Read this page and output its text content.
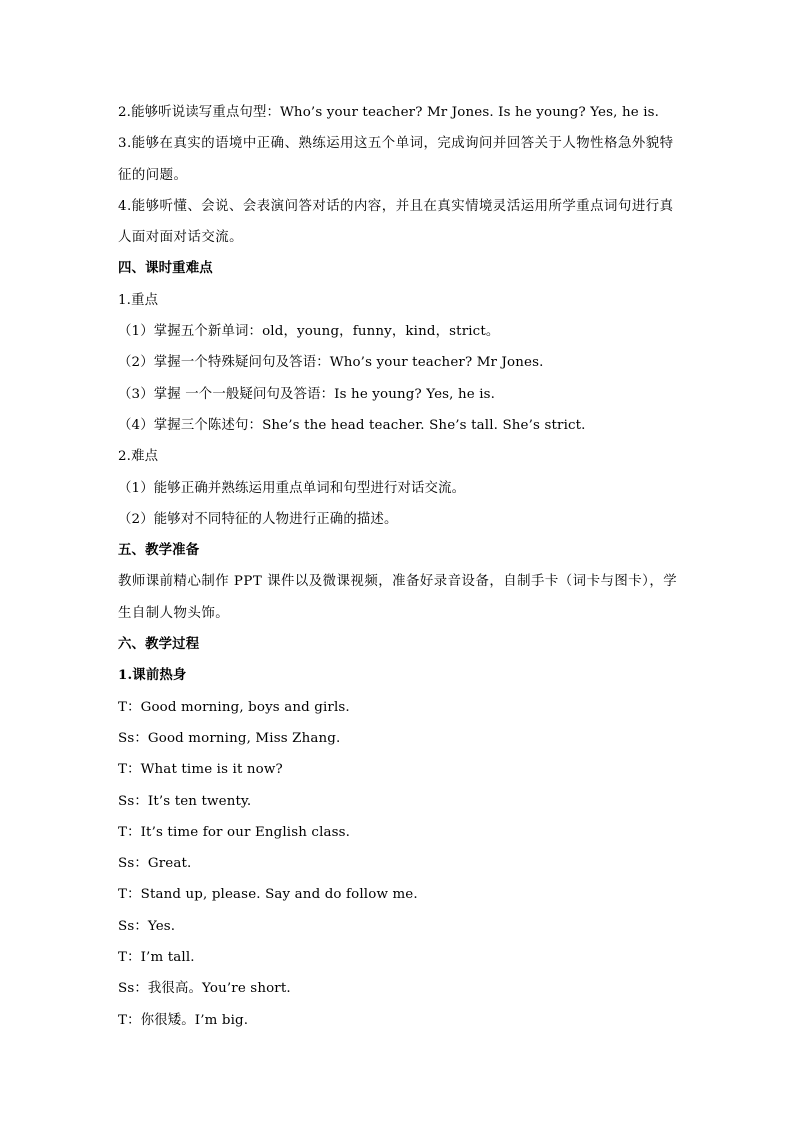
2.能够听说读写重点句型：Who’s your teacher? Mr Jones. Is he young? Yes, he is.
3.能够在真实的语境中正确、熟练运用这五个单词，完成询问并回答关于人物性格急外貌特征的问题。
4.能够听懂、会说、会表演问答对话的内容，并且在真实情境灵活运用所学重点词句进行真人面对面对话交流。
四、课时重难点
1.重点
（1）掌握五个新单词：old，young，funny，kind，strict。
（2）掌握一个特殊疑问句及答语：Who’s your teacher? Mr Jones.
（3）掌握 一个一般疑问句及答语：Is he young? Yes, he is.
（4）掌握三个陈述句：She’s the head teacher. She’s tall. She’s strict.
2.难点
（1）能够正确并熟练运用重点单词和句型进行对话交流。
（2）能够对不同特征的人物进行正确的描述。
五、教学准备
教师课前精心制作 PPT 课件以及微课视频，准备好录音设备，自制手卡（词卡与图卡），学生自制人物头饰。
六、教学过程
1.课前热身
T：Good morning, boys and girls.
Ss：Good morning, Miss Zhang.
T：What time is it now?
Ss：It’s ten twenty.
T：It’s time for our English class.
Ss：Great.
T：Stand up, please. Say and do follow me.
Ss：Yes.
T：I’m tall.
Ss：我很高。You’re short.
T：你很矮。I’m big.
